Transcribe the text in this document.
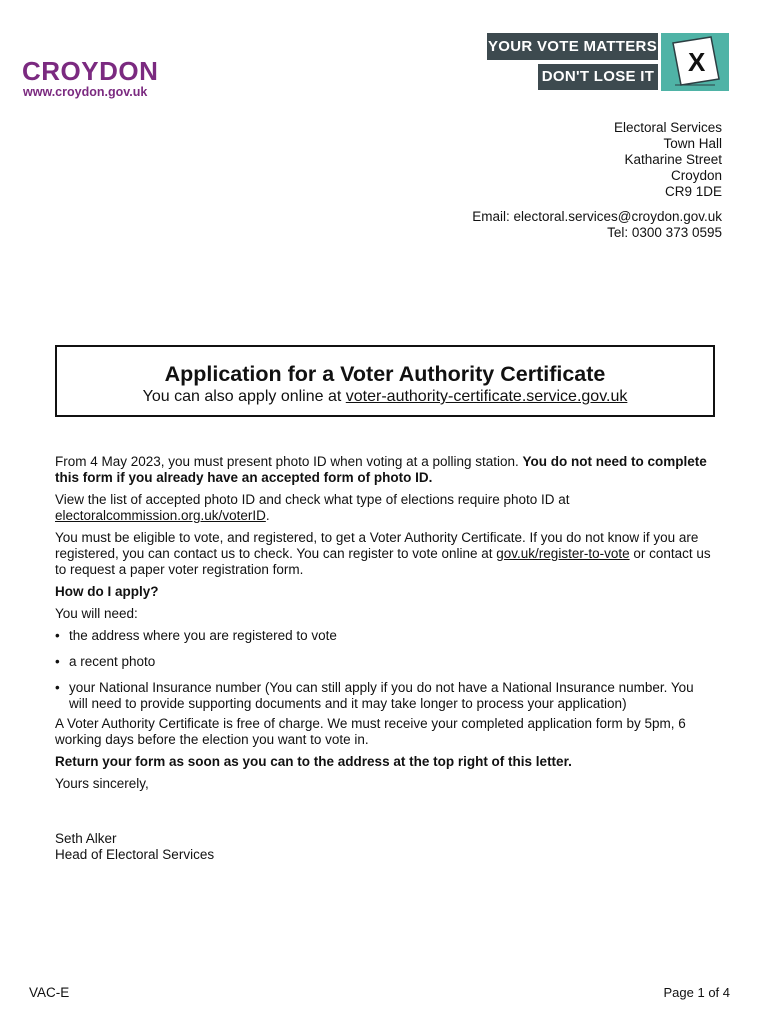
CROYDON
www.croydon.gov.uk
YOUR VOTE MATTERS
DON'T LOSE IT X
Electoral Services
Town Hall
Katharine Street
Croydon
CR9 1DE
Email: electoral.services@croydon.gov.uk
Tel: 0300 373 0595
Application for a Voter Authority Certificate
You can also apply online at voter-authority-certificate.service.gov.uk

From 4 May 2023, you must present photo ID when voting at a polling station. You do not need to complete this form if you already have an accepted form of photo ID.

View the list of accepted photo ID and check what type of elections require photo ID at electoralcommission.org.uk/voterID.

You must be eligible to vote, and registered, to get a Voter Authority Certificate. If you do not know if you are registered, you can contact us to check. You can register to vote online at gov.uk/register-to-vote or contact us to request a paper voter registration form.

How do I apply?

You will need:

• the address where you are registered to vote
• a recent photo
• your National Insurance number (You can still apply if you do not have a National Insurance number. You will need to provide supporting documents and it may take longer to process your application)

A Voter Authority Certificate is free of charge. We must receive your completed application form by 5pm, 6 working days before the election you want to vote in.

Return your form as soon as you can to the address at the top right of this letter.

Yours sincerely,

Seth Alker
Head of Electoral Services
VAC-E	Page 1 of 4
